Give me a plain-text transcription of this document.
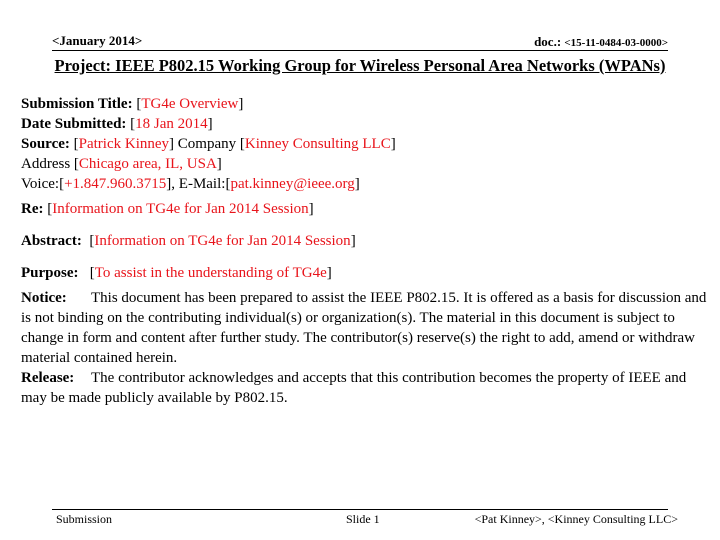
<January 2014>	doc.: <15-11-0484-03-0000>
Project: IEEE P802.15 Working Group for Wireless Personal Area Networks (WPANs)
Submission Title: [TG4e Overview]
Date Submitted: [18 Jan 2014]
Source: [Patrick Kinney] Company [Kinney Consulting LLC]
Address [Chicago area, IL, USA]
Voice:[+1.847.960.3715], E-Mail:[pat.kinney@ieee.org]
Re: [Information on TG4e for Jan 2014 Session]
Abstract:  [Information on TG4e for Jan 2014 Session]
Purpose:   [To assist in the understanding of TG4e]
Notice: This document has been prepared to assist the IEEE P802.15. It is offered as a basis for discussion and is not binding on the contributing individual(s) or organization(s). The material in this document is subject to change in form and content after further study. The contributor(s) reserve(s) the right to add, amend or withdraw material contained herein.
Release: The contributor acknowledges and accepts that this contribution becomes the property of IEEE and may be made publicly available by P802.15.
Submission	Slide 1	<Pat Kinney>, <Kinney Consulting LLC>
